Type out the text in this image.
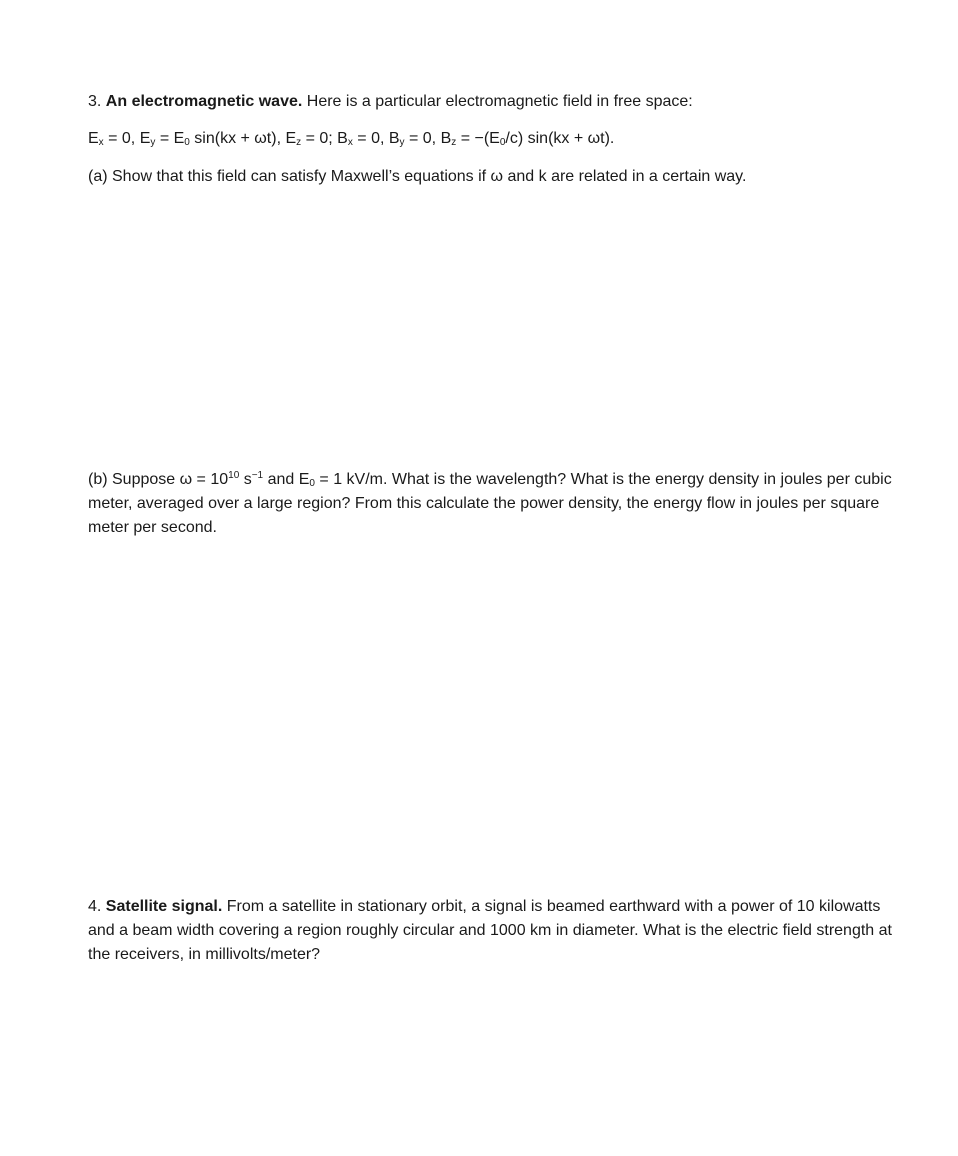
3. An electromagnetic wave. Here is a particular electromagnetic field in free space:

$E_x = 0$, $E_y = E_0$ sin(kx + ωt), $E_z = 0$; $B_x = 0$, $B_y = 0$, $B_z = -(E_0/c) \sin(kx + \omega t)$.

(a) Show that this field can satisfy Maxwell’s equations if ω and k are related in a certain way.

(b) Suppose $\omega = 10^{10}$ $s^{-1}$ and $E_0 = 1$ kV/m. What is the wavelength? What is the energy density in joules per cubic meter, averaged over a large region? From this calculate the power density, the energy flow in joules per square meter per second.

4. Satellite signal. From a satellite in stationary orbit, a signal is beamed earthward with a power of 10 kilowatts and a beam width covering a region roughly circular and 1000 km in diameter. What is the electric field strength at the receivers, in millivolts/meter?
